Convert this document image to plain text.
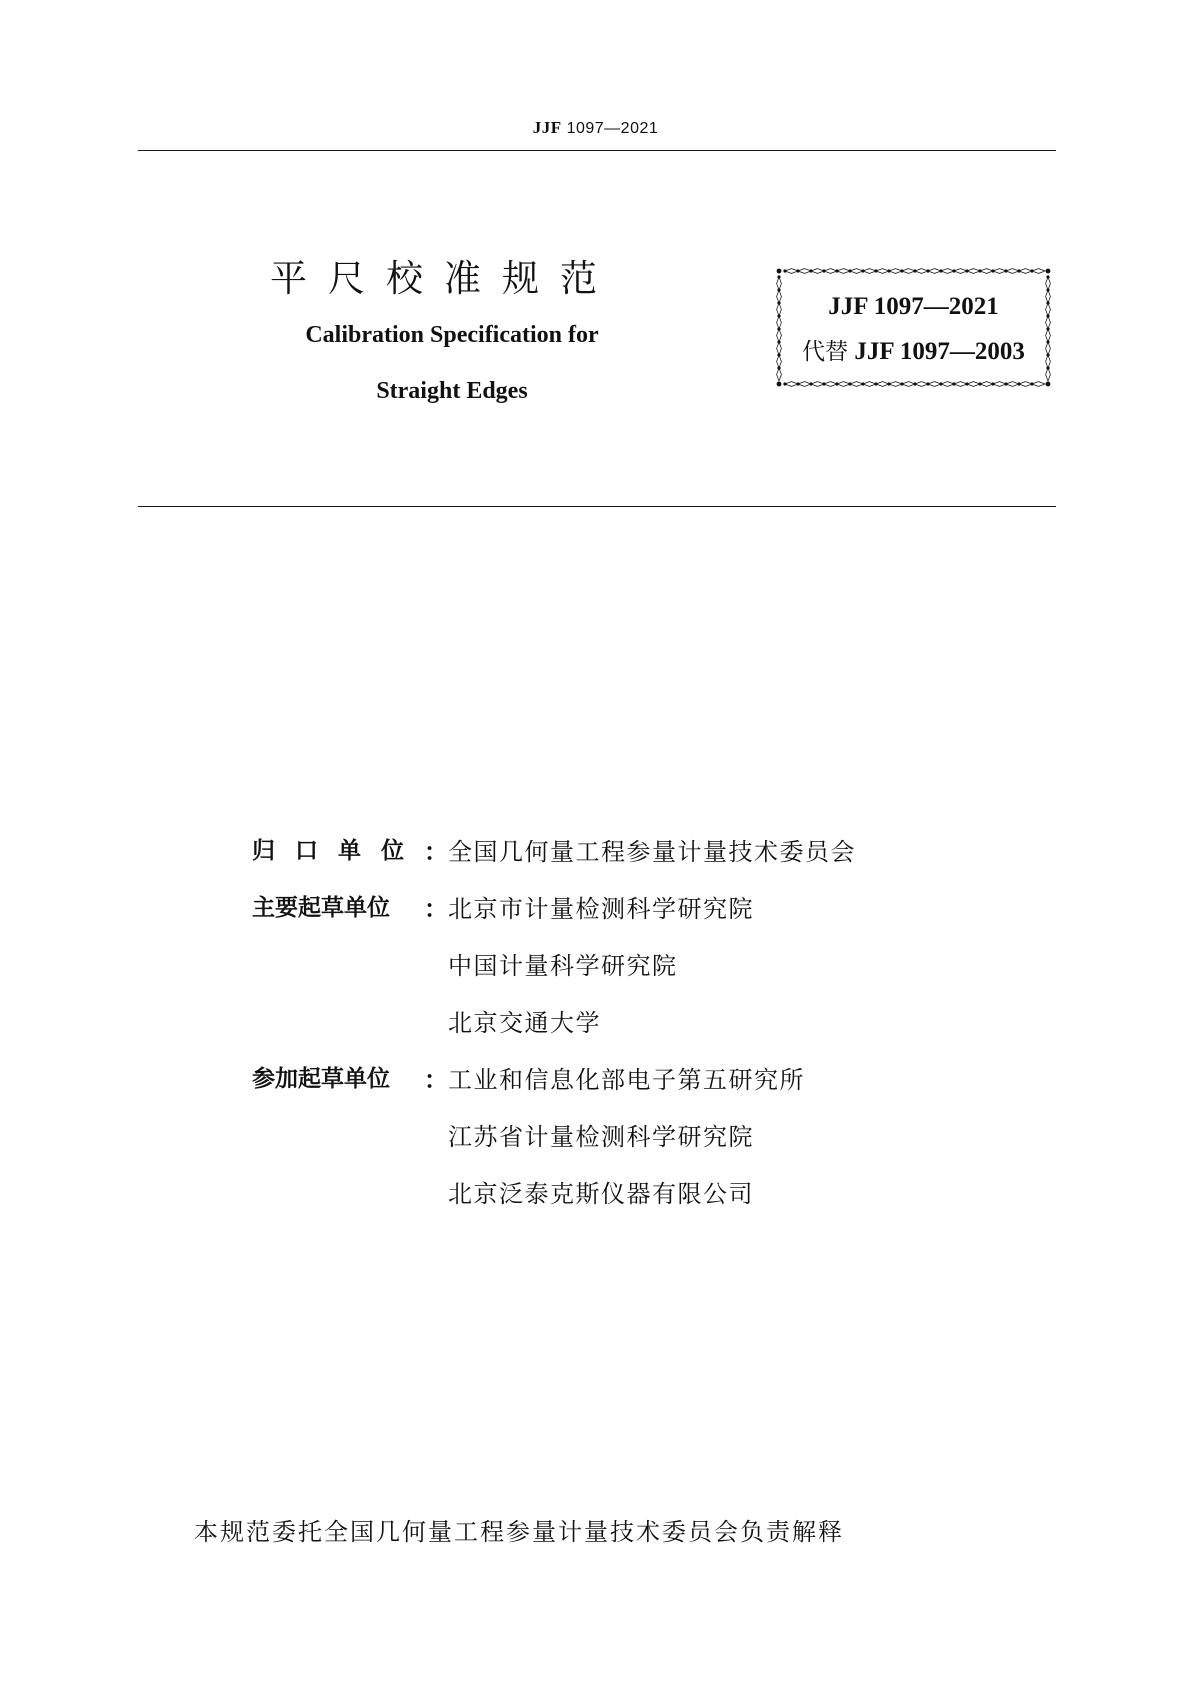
JJF 1097—2021
平尺校准规范
Calibration Specification for
Straight Edges
JJF 1097—2021
代替 JJF 1097—2003
归口单位 ： 全国几何量工程参量计量技术委员会
主要起草单位	： 北京市计量检测科学研究院
中国计量科学研究院
北京交通大学
参加起草单位	： 工业和信息化部电子第五研究所
江苏省计量检测科学研究院
北京泛泰克斯仪器有限公司
本规范委托全国几何量工程参量计量技术委员会负责解释
